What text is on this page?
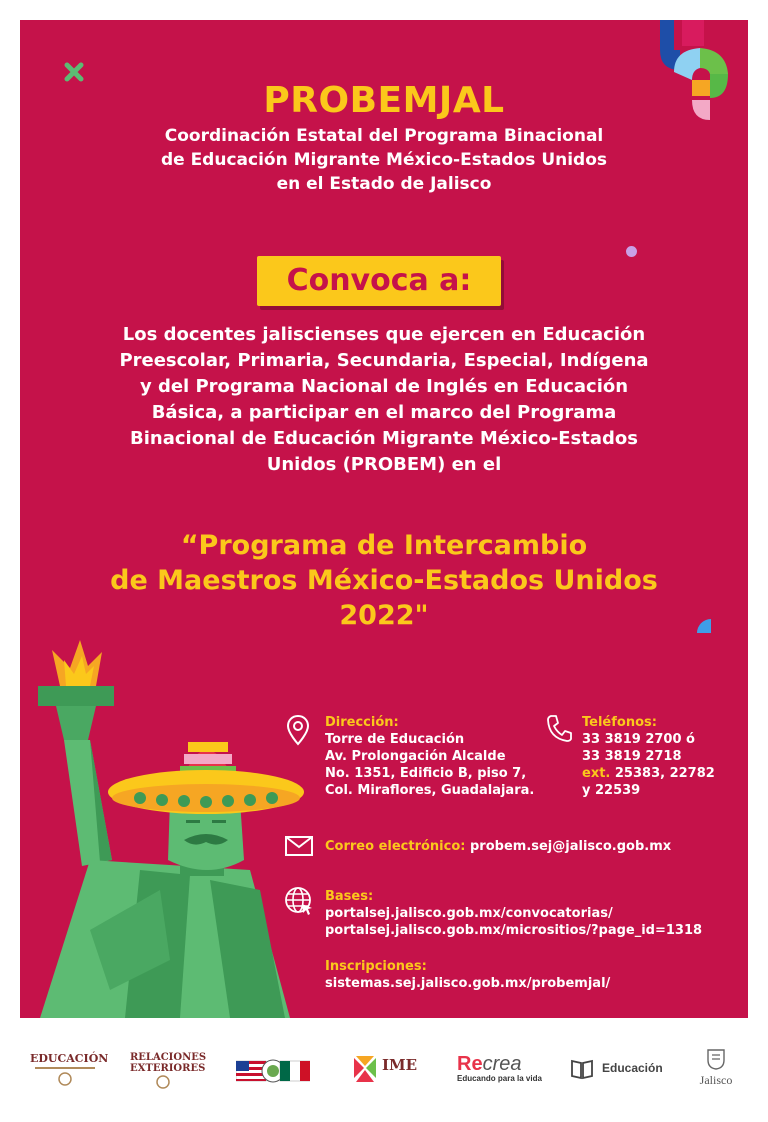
PROBEMJAL
Coordinación Estatal del Programa Binacional
de Educación Migrante México-Estados Unidos
en el Estado de Jalisco
Convoca a:
Los docentes jaliscienses que ejercen en Educación
Preescolar, Primaria, Secundaria, Especial, Indígena
y del Programa Nacional de Inglés en Educación
Básica, a participar en el marco del Programa
Binacional de Educación Migrante México-Estados
Unidos (PROBEM) en el
“Programa de Intercambio
de Maestros México-Estados Unidos
2022"
Dirección:
Torre de Educación
Av. Prolongación Alcalde
No. 1351, Edificio B, piso 7,
Col. Miraflores, Guadalajara.
Teléfonos:
33 3819 2700 ó
33 3819 2718
ext. 25383, 22782
y 22539
Correo electrónico: probem.sej@jalisco.gob.mx
Bases:
portalsej.jalisco.gob.mx/convocatorias/
portalsej.jalisco.gob.mx/micrositios/?page_id=1318
Inscripciones:
sistemas.sej.jalisco.gob.mx/probemjal/
EDUCACIÓN RELACIONES
EXTERIORES	IME Recrea
Educando para la vida
Educación
Jalisco
